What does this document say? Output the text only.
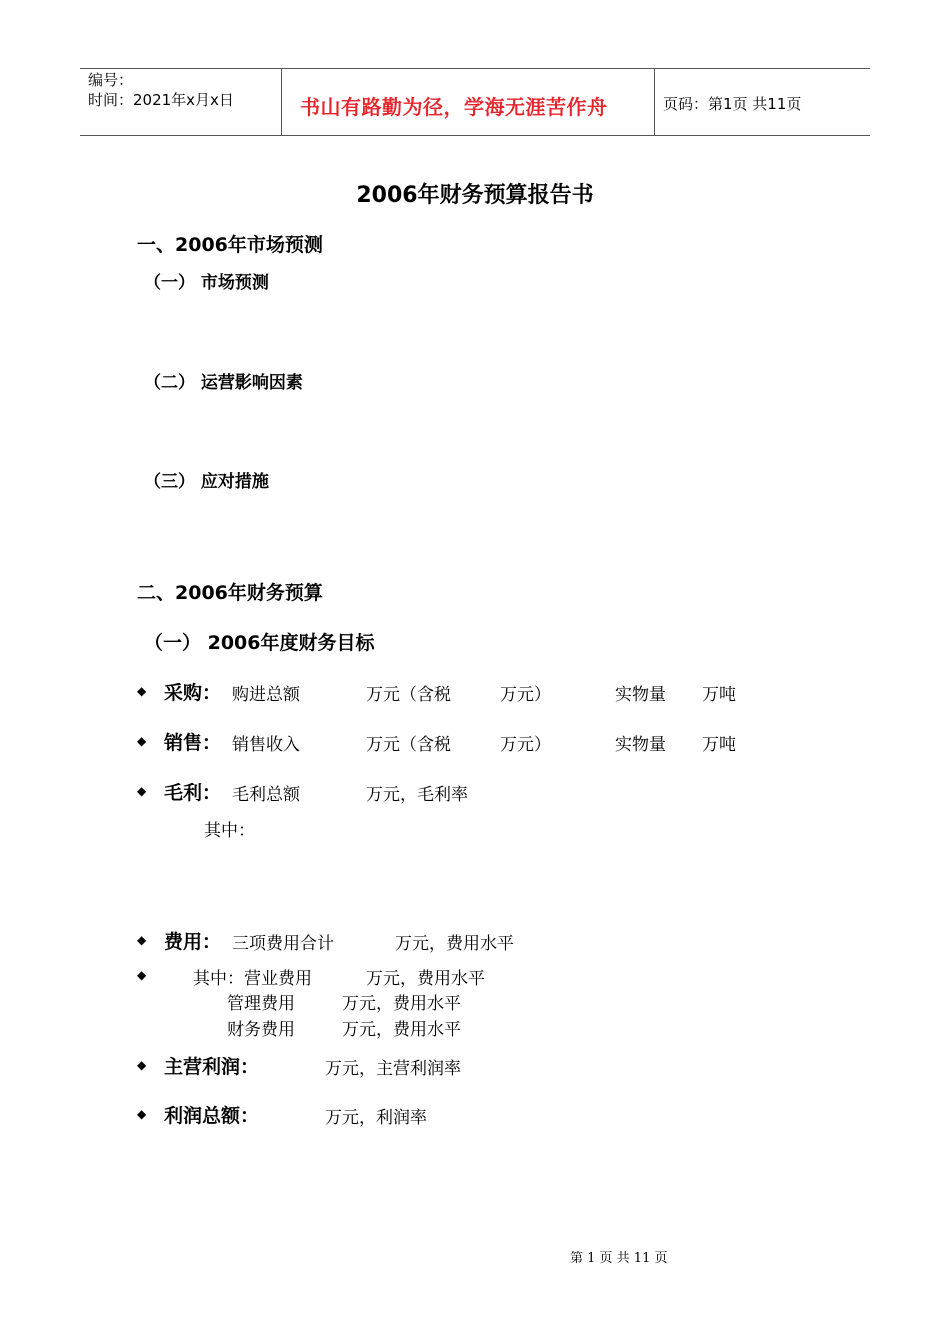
编号：
时间：2021年x月x日	书山有路勤为径，学海无涯苦作舟	页码：第1页 共11页
2006年财务预算报告书
一、2006年市场预测
（一） 市场预测
（二） 运营影响因素
（三） 应对措施
二、2006年财务预算
（一） 2006年度财务目标
◆ 采购： 购进总额	万元（含税	万元）	实物量 万吨
◆ 销售： 销售收入	万元（含税	万元）	实物量 万吨
◆ 毛利： 毛利总额	万元，毛利率
其中：
◆ 费用： 三项费用合计	万元，费用水平
◆	其中：营业费用	万元，费用水平
管理费用	万元，费用水平
财务费用	万元，费用水平
◆ 主营利润：	万元，主营利润率
◆ 利润总额：	万元，利润率
第 1 页 共 11 页
